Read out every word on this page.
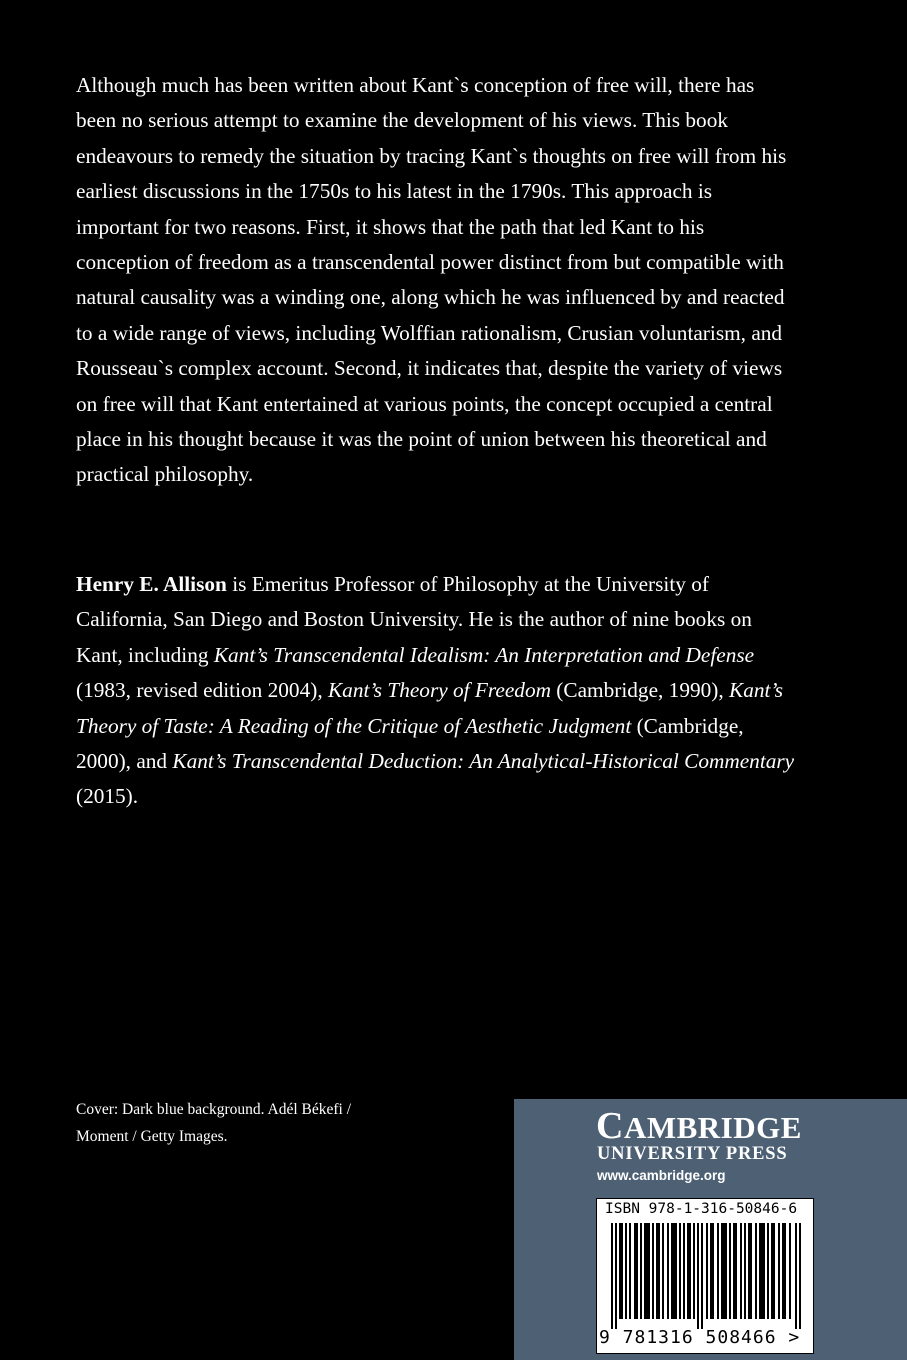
Although much has been written about Kant`s conception of free will, there has been no serious attempt to examine the development of his views. This book endeavours to remedy the situation by tracing Kant`s thoughts on free will from his earliest discussions in the 1750s to his latest in the 1790s. This approach is important for two reasons. First, it shows that the path that led Kant to his conception of freedom as a transcendental power distinct from but compatible with natural causality was a winding one, along which he was influenced by and reacted to a wide range of views, including Wolffian rationalism, Crusian voluntarism, and Rousseau`s complex account. Second, it indicates that, despite the variety of views on free will that Kant entertained at various points, the concept occupied a central place in his thought because it was the point of union between his theoretical and practical philosophy.

Henry E. Allison is Emeritus Professor of Philosophy at the University of California, San Diego and Boston University. He is the author of nine books on Kant, including Kant’s Transcendental Idealism: An Interpretation and Defense (1983, revised edition 2004), Kant’s Theory of Freedom (Cambridge, 1990), Kant’s Theory of Taste: A Reading of the Critique of Aesthetic Judgment (Cambridge, 2000), and Kant’s Transcendental Deduction: An Analytical-Historical Commentary (2015).

Cover: Dark blue background. Adél Békefi /
Moment / Getty Images.	CAMBRIDGE
UNIVERSITY PRESS
www.cambridge.org
ISBN 978-1-316-50846-6
9 781316 508466 >
